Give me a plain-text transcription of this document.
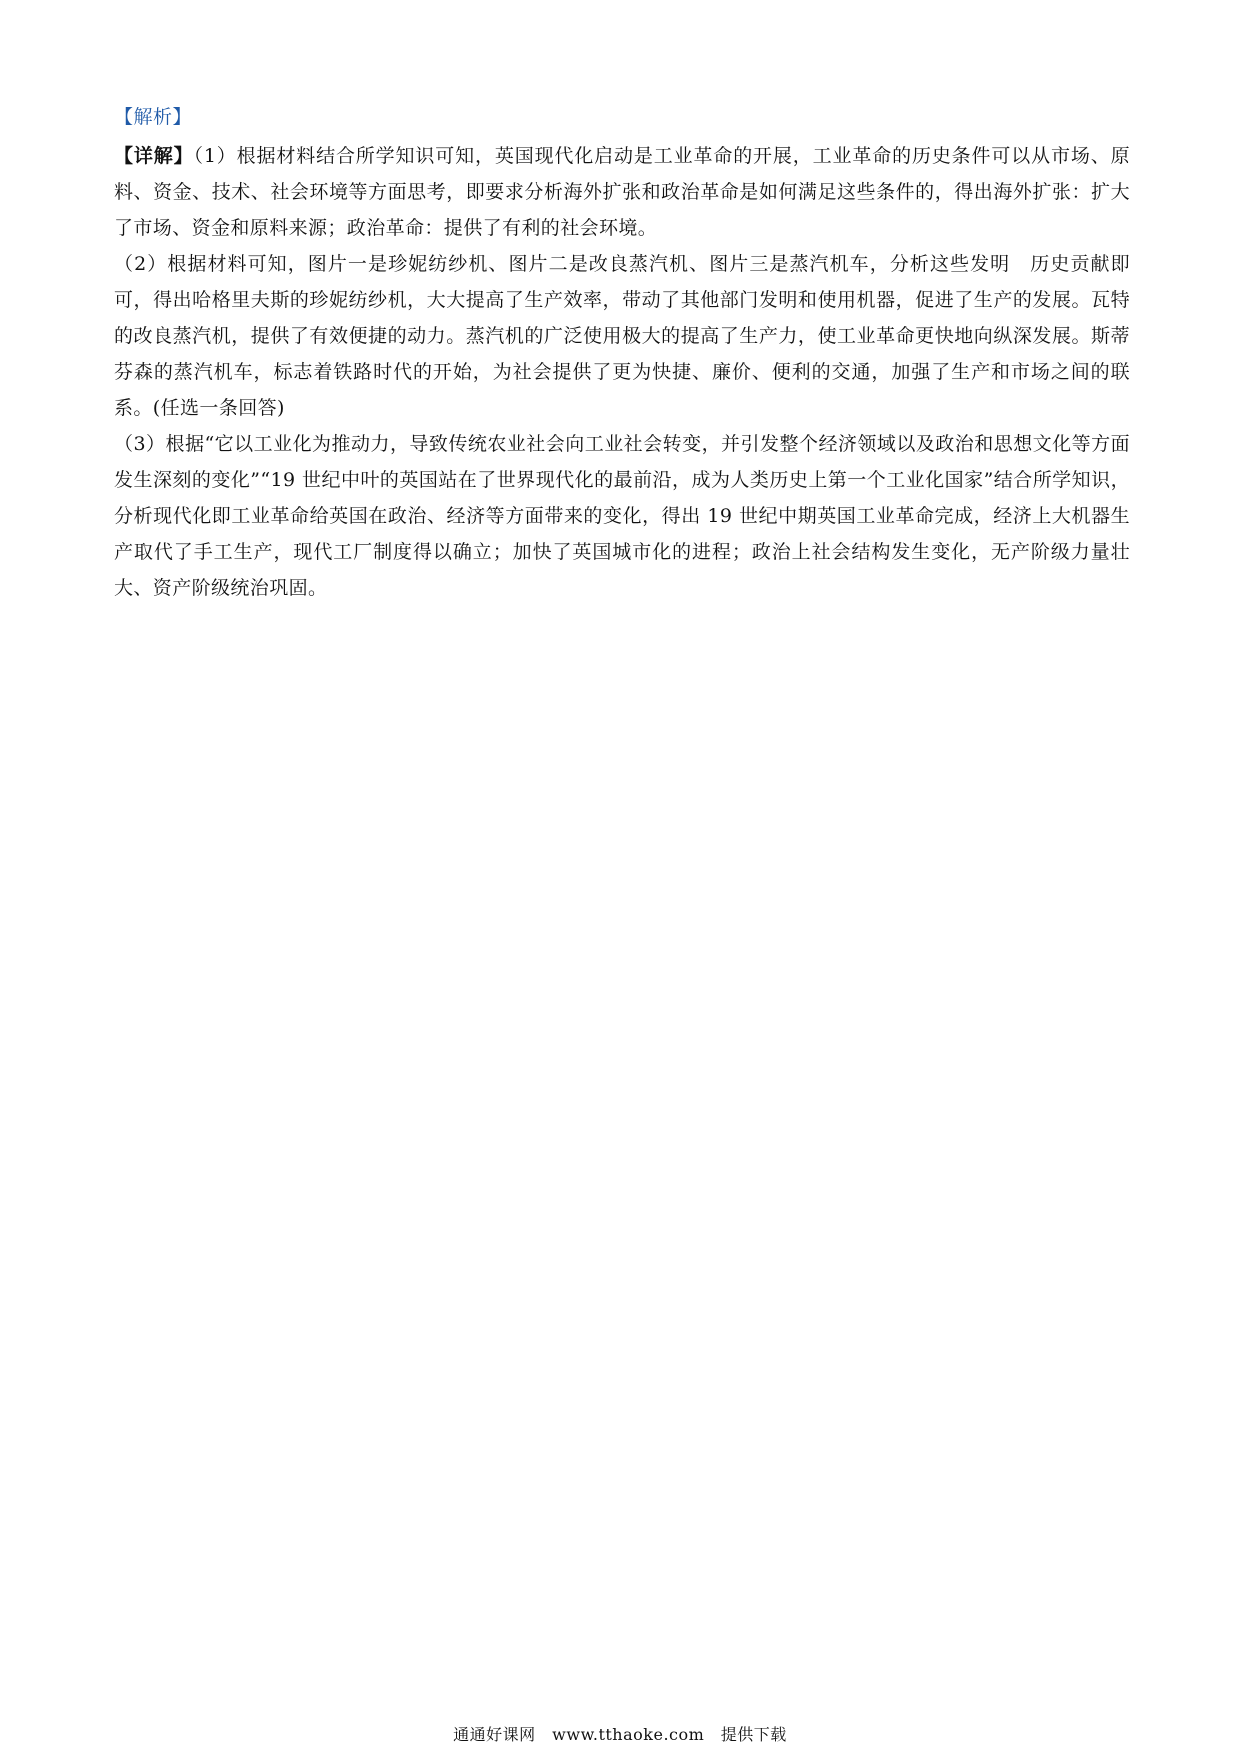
【解析】

【详解】（1）根据材料结合所学知识可知，英国现代化启动是工业革命的开展，工业革命的历史条件可以从市场、原料、资金、技术、社会环境等方面思考，即要求分析海外扩张和政治革命是如何满足这些条件的，得出海外扩张：扩大了市场、资金和原料来源；政治革命：提供了有利的社会环境。

（2）根据材料可知，图片一是珍妮纺纱机、图片二是改良蒸汽机、图片三是蒸汽机车，分析这些发明　历史贡献即可，得出哈格里夫斯的珍妮纺纱机，大大提高了生产效率，带动了其他部门发明和使用机器，促进了生产的发展。瓦特的改良蒸汽机，提供了有效便捷的动力。蒸汽机的广泛使用极大的提高了生产力，使工业革命更快地向纵深发展。斯蒂芬森的蒸汽机车，标志着铁路时代的开始，为社会提供了更为快捷、廉价、便利的交通，加强了生产和市场之间的联系。(任选一条回答)

（3）根据“它以工业化为推动力，导致传统农业社会向工业社会转变，并引发整个经济领域以及政治和思想文化等方面发生深刻的变化”“19 世纪中叶的英国站在了世界现代化的最前沿，成为人类历史上第一个工业化国家”结合所学知识，分析现代化即工业革命给英国在政治、经济等方面带来的变化，得出 19 世纪中期英国工业革命完成，经济上大机器生产取代了手工生产，现代工厂制度得以确立；加快了英国城市化的进程；政治上社会结构发生变化，无产阶级力量壮大、资产阶级统治巩固。

通通好课网　www.tthaoke.com　提供下载
